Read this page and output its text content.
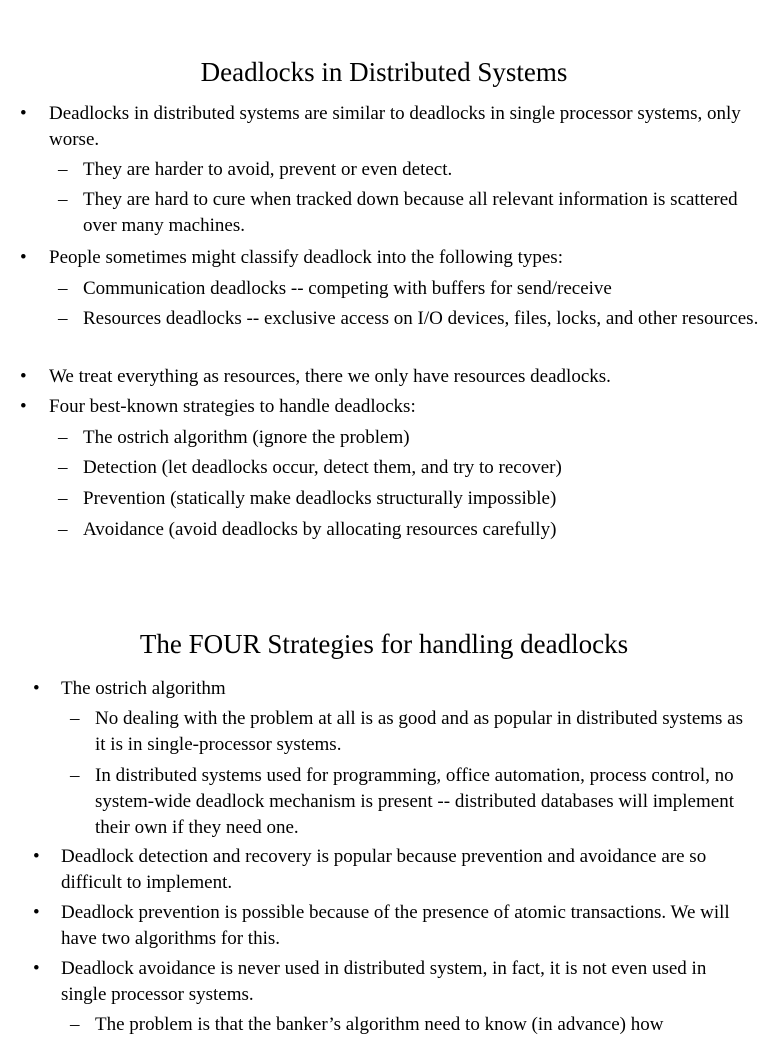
Deadlocks in Distributed Systems
• Deadlocks in distributed systems are similar to deadlocks in single processor systems, only worse.
– They are harder to avoid, prevent or even detect.
– They are hard to cure when tracked down because all relevant information is scattered over many machines.
• People sometimes might classify deadlock into the following types:
– Communication deadlocks -- competing with buffers for send/receive
– Resources deadlocks -- exclusive access on I/O devices, files, locks, and other resources.
• We treat everything as resources, there we only have resources deadlocks.
• Four best-known strategies to handle deadlocks:
– The ostrich algorithm (ignore the problem)
– Detection (let deadlocks occur, detect them, and try to recover)
– Prevention (statically make deadlocks structurally impossible)
– Avoidance (avoid deadlocks by allocating resources carefully)
The FOUR Strategies for handling deadlocks
• The ostrich algorithm
– No dealing with the problem at all is as good and as popular in distributed systems as it is in single-processor systems.
– In distributed systems used for programming, office automation, process control, no system-wide deadlock mechanism is present -- distributed databases will implement their own if they need one.
• Deadlock detection and recovery is popular because prevention and avoidance are so difficult to implement.
• Deadlock prevention is possible because of the presence of atomic transactions. We will have two algorithms for this.
• Deadlock avoidance is never used in distributed system, in fact, it is not even used in single processor systems.
– The problem is that the banker’s algorithm need to know (in advance) how
